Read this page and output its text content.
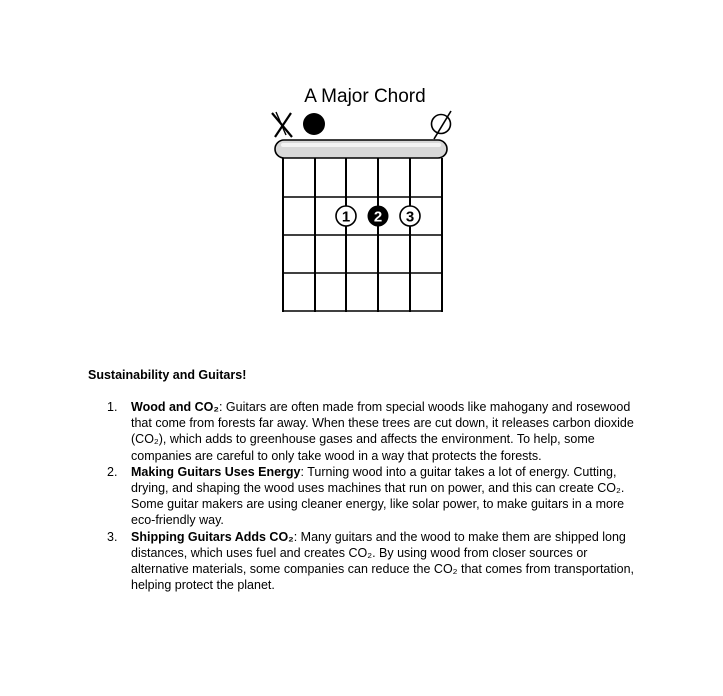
A Major Chord
1 2 3
Sustainability and Guitars!
1. Wood and CO₂: Guitars are often made from special woods like mahogany and rosewood that come from forests far away. When these trees are cut down, it releases carbon dioxide (CO₂), which adds to greenhouse gases and affects the environment. To help, some companies are careful to only take wood in a way that protects the forests.
2. Making Guitars Uses Energy: Turning wood into a guitar takes a lot of energy. Cutting, drying, and shaping the wood uses machines that run on power, and this can create CO₂. Some guitar makers are using cleaner energy, like solar power, to make guitars in a more eco-friendly way.
3. Shipping Guitars Adds CO₂: Many guitars and the wood to make them are shipped long distances, which uses fuel and creates CO₂. By using wood from closer sources or alternative materials, some companies can reduce the CO₂ that comes from transportation, helping protect the planet.
